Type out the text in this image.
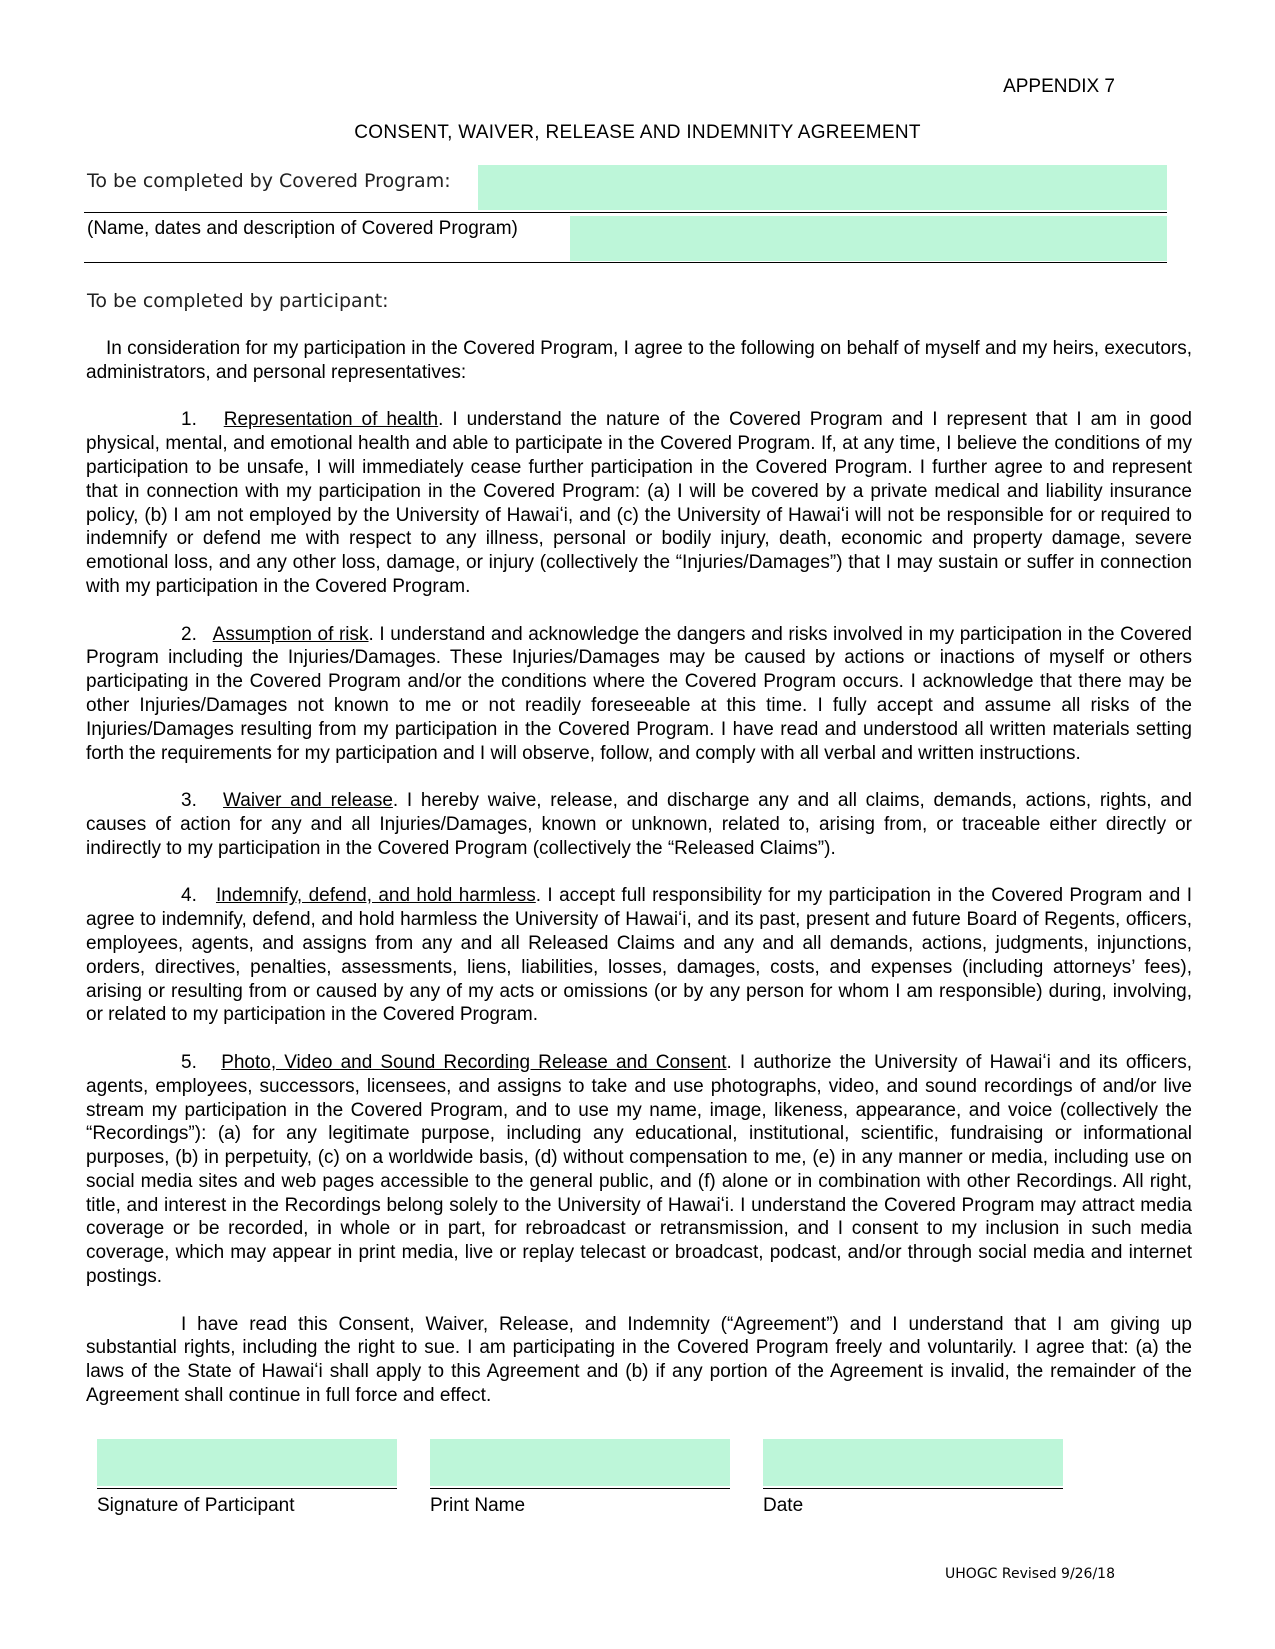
APPENDIX 7
CONSENT, WAIVER, RELEASE AND INDEMNITY AGREEMENT
To be completed by Covered Program:
(Name, dates and description of Covered Program)
To be completed by participant:

In consideration for my participation in the Covered Program, I agree to the following on behalf of myself and my heirs, executors, administrators, and personal representatives:

1. Representation of health. I understand the nature of the Covered Program and I represent that I am in good physical, mental, and emotional health and able to participate in the Covered Program. If, at any time, I believe the conditions of my participation to be unsafe, I will immediately cease further participation in the Covered Program. I further agree to and represent that in connection with my participation in the Covered Program: (a) I will be covered by a private medical and liability insurance policy, (b) I am not employed by the University of Hawaiʻi, and (c) the University of Hawaiʻi will not be responsible for or required to indemnify or defend me with respect to any illness, personal or bodily injury, death, economic and property damage, severe emotional loss, and any other loss, damage, or injury (collectively the “Injuries/Damages”) that I may sustain or suffer in connection with my participation in the Covered Program.

2. Assumption of risk. I understand and acknowledge the dangers and risks involved in my participation in the Covered Program including the Injuries/Damages. These Injuries/Damages may be caused by actions or inactions of myself or others participating in the Covered Program and/or the conditions where the Covered Program occurs. I acknowledge that there may be other Injuries/Damages not known to me or not readily foreseeable at this time. I fully accept and assume all risks of the Injuries/Damages resulting from my participation in the Covered Program. I have read and understood all written materials setting forth the requirements for my participation and I will observe, follow, and comply with all verbal and written instructions.

3. Waiver and release. I hereby waive, release, and discharge any and all claims, demands, actions, rights, and causes of action for any and all Injuries/Damages, known or unknown, related to, arising from, or traceable either directly or indirectly to my participation in the Covered Program (collectively the “Released Claims”).

4. Indemnify, defend, and hold harmless. I accept full responsibility for my participation in the Covered Program and I agree to indemnify, defend, and hold harmless the University of Hawaiʻi, and its past, present and future Board of Regents, officers, employees, agents, and assigns from any and all Released Claims and any and all demands, actions, judgments, injunctions, orders, directives, penalties, assessments, liens, liabilities, losses, damages, costs, and expenses (including attorneys’ fees), arising or resulting from or caused by any of my acts or omissions (or by any person for whom I am responsible) during, involving, or related to my participation in the Covered Program.

5. Photo, Video and Sound Recording Release and Consent. I authorize the University of Hawaiʻi and its officers, agents, employees, successors, licensees, and assigns to take and use photographs, video, and sound recordings of and/or live stream my participation in the Covered Program, and to use my name, image, likeness, appearance, and voice (collectively the “Recordings”): (a) for any legitimate purpose, including any educational, institutional, scientific, fundraising or informational purposes, (b) in perpetuity, (c) on a worldwide basis, (d) without compensation to me, (e) in any manner or media, including use on social media sites and web pages accessible to the general public, and (f) alone or in combination with other Recordings. All right, title, and interest in the Recordings belong solely to the University of Hawaiʻi. I understand the Covered Program may attract media coverage or be recorded, in whole or in part, for rebroadcast or retransmission, and I consent to my inclusion in such media coverage, which may appear in print media, live or replay telecast or broadcast, podcast, and/or through social media and internet postings.

I have read this Consent, Waiver, Release, and Indemnity (“Agreement”) and I understand that I am giving up substantial rights, including the right to sue. I am participating in the Covered Program freely and voluntarily. I agree that: (a) the laws of the State of Hawaiʻi shall apply to this Agreement and (b) if any portion of the Agreement is invalid, the remainder of the Agreement shall continue in full force and effect.

Signature of Participant	Print Name	Date
UHOGC Revised 9/26/18
